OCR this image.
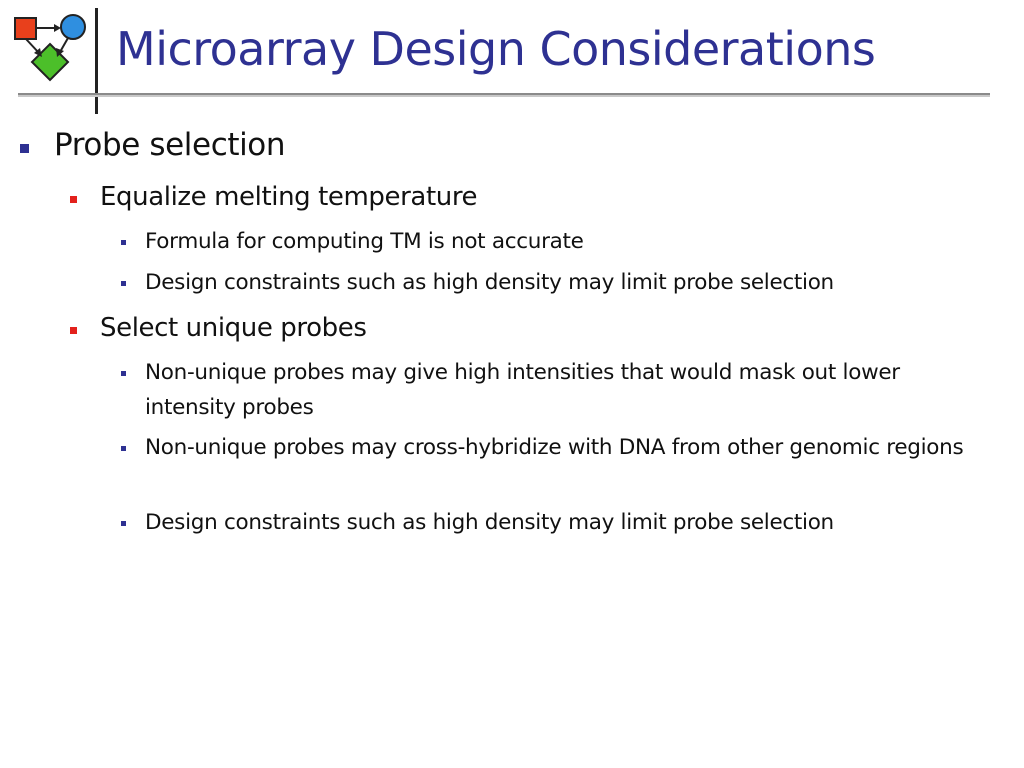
Microarray Design Considerations
Probe selection
Equalize melting temperature
Formula for computing TM is not accurate
Design constraints such as high density may limit probe selection
Select unique probes
Non-unique probes may give high intensities that would mask out lower intensity probes
Non-unique probes may cross-hybridize with DNA from other genomic regions
Design constraints such as high density may limit probe selection
